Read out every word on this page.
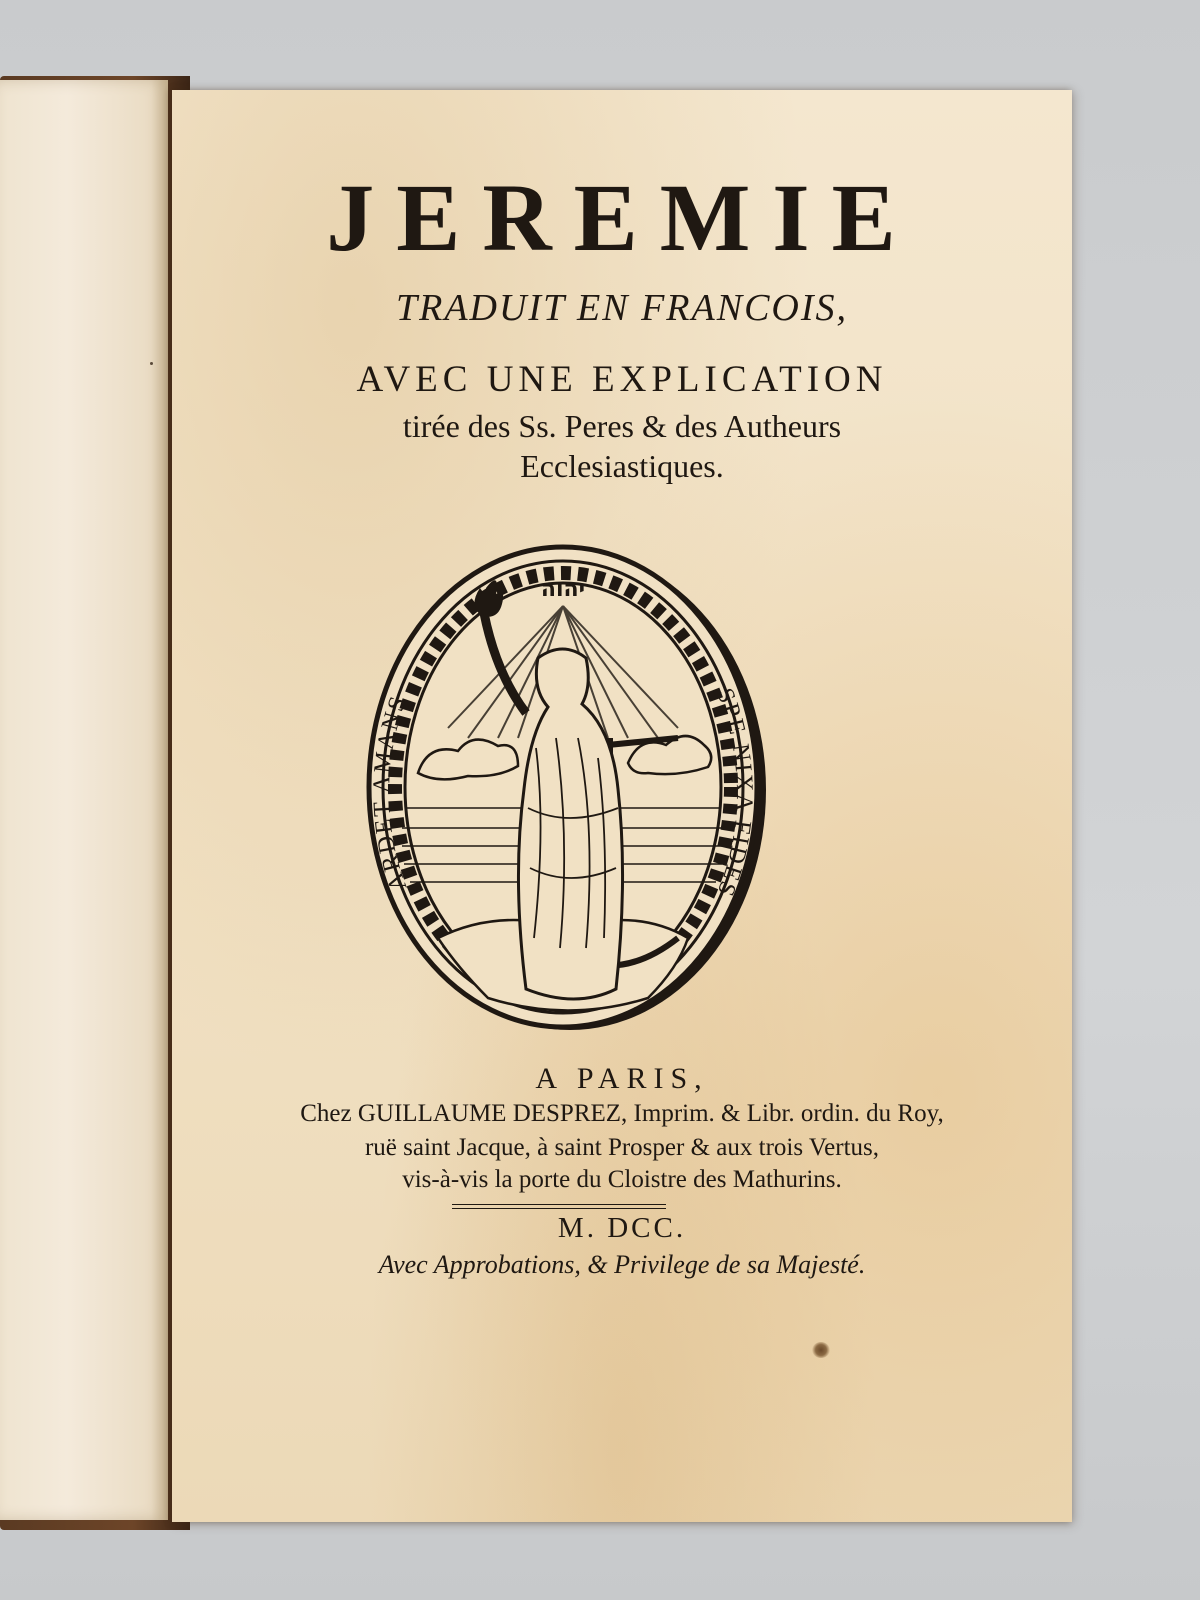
JEREMIE
TRADUIT EN FRANCOIS,
AVEC UNE EXPLICATION
tirée des Ss. Peres & des Autheurs
Ecclesiastiques.
יהוה
ARDET AMANS	SPE NIXA FIDES
A PARIS,
Chez GUILLAUME DESPREZ, Imprim. & Libr. ordin. du Roy,
ruë saint Jacque, à saint Prosper & aux trois Vertus,
vis-à-vis la porte du Cloistre des Mathurins.
M. DCC.
Avec Approbations, & Privilege de sa Majesté.
